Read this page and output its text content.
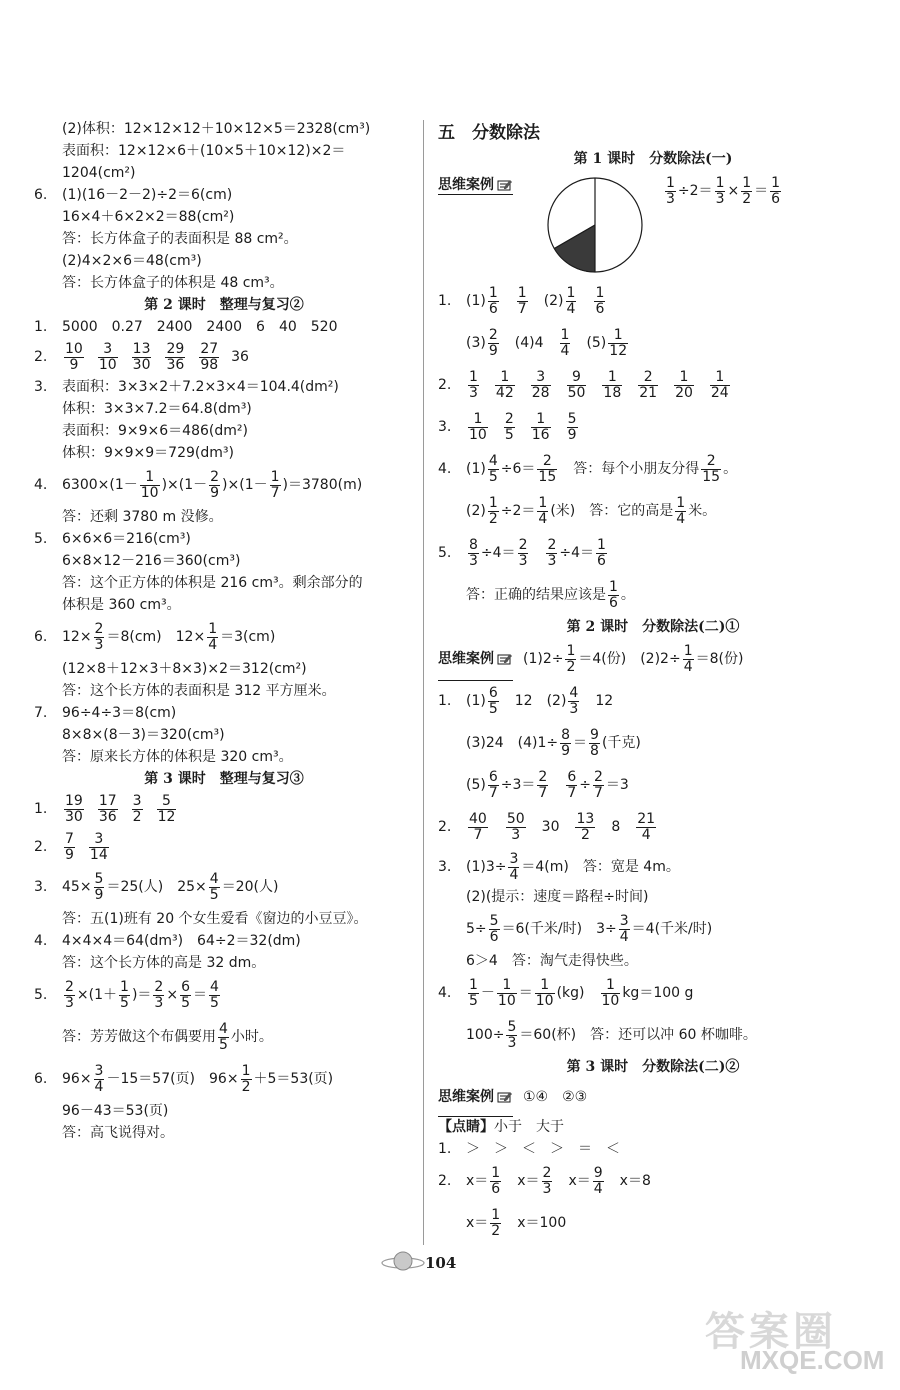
(2)体积：12×12×12＋10×12×5＝2328(cm³)
表面积：12×12×6＋(10×5＋10×12)×2＝
1204(cm²)
6. (1)(16－2－2)÷2＝6(cm)
16×4＋6×2×2＝88(cm²)
答：长方体盒子的表面积是 88 cm²。
(2)4×2×6＝48(cm³)
答：长方体盒子的体积是 48 cm³。
第 2 课时　整理与复习②
1. 5000　0.27　2400　2400　6　40　520
2. $\frac{10}{9} \frac{3}{10} \frac{13}{30} \frac{29}{36} \frac{27}{98} 36$
3. 表面积：3×3×2＋7.2×3×4＝104.4(dm²)
体积：3×3×7.2＝64.8(dm³)
表面积：9×9×6＝486(dm²)
体积：9×9×9＝729(dm³)
4. $6300\times(1- \frac{1}{10} )\times(1- \frac{2}{9} )\times(1- \frac{1}{7} )=3780(m)$
答：还剩 3780 m 没修。
5. 6×6×6＝216(cm³)
6×8×12－216＝360(cm³)
答：这个正方体的体积是 216 cm³。剩余部分的
体积是 360 cm³。
6. $12\times \frac{2}{3} =8(cm)$　$12\times \frac{1}{4} =3(cm)$
(12×8＋12×3＋8×3)×2＝312(cm²)
答：这个长方体的表面积是 312 平方厘米。
7. 96÷4÷3＝8(cm)
8×8×(8－3)＝320(cm³)
答：原来长方体的体积是 320 cm³。
第 3 课时　整理与复习③
1. $\frac{19}{30} \frac{17}{36} \frac{3}{2} \frac{5}{12}$
2. $\frac{7}{9} \frac{3}{14}$
3. $45\times \frac{5}{9} =25$(人)　$25\times \frac{4}{5} =20$(人)
答：五(1)班有 20 个女生爱看《窗边的小豆豆》。
4. 4×4×4＝64(dm³)　64÷2＝32(dm)
答：这个长方体的高是 32 dm。
5. $\frac{2}{3} \times(1+ \frac{1}{5}$ )＝ $\frac{2}{3} \times \frac{6}{5} = \frac{4}{5}$
答：芳芳做这个布偶要用 $\frac{4}{5}$ 小时。
6. $96\times \frac{3}{4} -15=57$(页)　$96\times \frac{1}{2} +5=53$(页)
96－43＝53(页)
答：高飞说得对。
五　分数除法
第 1 课时　分数除法(一)
思维案例	$\frac{1}{3} \div 2= \frac{1}{3} \times \frac{1}{2} = \frac{1}{6}$
1. $(1) \frac{1}{6} \frac{1}{7} (2) \frac{1}{4} \frac{1}{6}$
$(3) \frac{2}{9} (4)4 \frac{1}{4} (5) \frac{1}{12}$
2. $\frac{1}{3} \frac{1}{42} \frac{3}{28} \frac{9}{50} \frac{1}{18} \frac{2}{21} \frac{1}{20} \frac{1}{24}$
3. $\frac{1}{10} \frac{2}{5} \frac{1}{16} \frac{5}{9}$
4. $(1) \frac{4}{5} \div 6= \frac{2}{15}$ 答：每个小朋友分得 $\frac{2}{15}$ 。
$(2) \frac{1}{2} \div 2= \frac{1}{4}$ (米)　答：它的高是 $\frac{1}{4}$ 米。
5. $\frac{8}{3} \div 4= \frac{2}{3} \frac{2}{3} \div 4= \frac{1}{6}$
答：正确的结果应该是 $\frac{1}{6}$ 。
第 2 课时　分数除法(二)①
思维案例 $(1)2\div \frac{1}{2} =4$(份)　$(2)2\div \frac{1}{4} =8$(份)
1. $(1) \frac{6}{5} 12$　$(2) \frac{4}{3} 12$
(3)24　$(4)1\div \frac{8}{9} = \frac{9}{8}$ (千克)
$(5) \frac{6}{7} \div 3= \frac{2}{7} \frac{6}{7} \div \frac{2}{7} =3$
2. $\frac{40}{7} \frac{50}{3} 30 \frac{13}{2} 8 \frac{21}{4}$
3. $(1)3\div \frac{3}{4} =4(m)$　答：宽是 4m。
(2)(提示：速度＝路程÷时间)
$5\div \frac{5}{6} =6$(千米/时)　$3\div \frac{3}{4} =4$(千米/时)
6＞4　答：淘气走得快些。
4. $\frac{1}{5} - \frac{1}{10} = \frac{1}{10} (kg) \frac{1}{10} kg=100$ g
$100\div \frac{5}{3} =60$(杯)　答：还可以冲 60 杯咖啡。
第 3 课时　分数除法(二)②
思维案例 ①④　②③
【点睛】小于　大于
1. ＞　＞　＜　＞　＝　＜
2. $x= \frac{1}{6} x= \frac{2}{3} x= \frac{9}{4} x=8$
$x= \frac{1}{2} x=100$
104
答案圈
MXQE.COM
